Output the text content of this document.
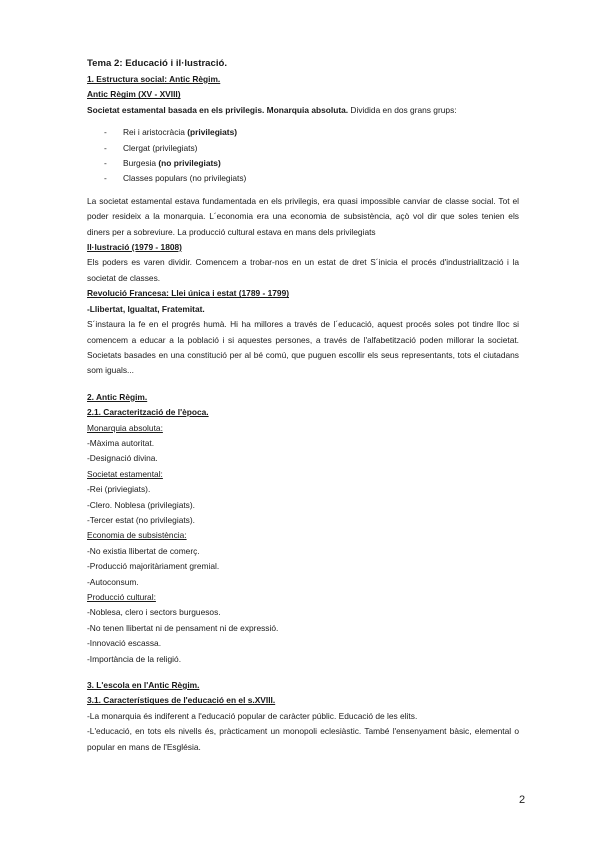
Tema 2: Educació i il·lustració.
1. Estructura social: Antic Règim.
Antic Règim (XV - XVIII)

Societat estamental basada en els privilegis. Monarquia absoluta. Dividida en dos grans grups:

- Rei i aristocràcia (privilegiats)
- Clergat (privilegiats)
- Burgesia (no privilegiats)
- Classes populars (no privilegiats)

La societat estamental estava fundamentada en els privilegis, era quasi impossible canviar de classe social. Tot el poder resideix a la monarquia. L´economia era una economia de subsistència, açò vol dir que soles tenien els diners per a sobreviure. La producció cultural estava en mans dels privilegiats

Il·lustració (1979 - 1808)

Els poders es varen dividir. Comencem a trobar-nos en un estat de dret S´inicia el procés d'industrialització i la societat de classes.

Revolució Francesa: Llei única i estat (1789 - 1799)
-Llibertat, Igualtat, Fratemitat.

S´instaura la fe en el progrés humà. Hi ha millores a través de l´educació, aquest procés soles pot tindre lloc si comencem a educar a la població i si aquestes persones, a través de l'alfabetització poden millorar la societat. Societats basades en una constitució per al bé comú, que puguen escollir els seus representants, tots el ciutadans som iguals...

2. Antic Règim.
2.1. Caracterització de l'època.
Monarquia absoluta:
-Màxima autoritat.
-Designació divina.
Societat estamental:
-Rei (priviegiats).
-Clero. Noblesa (privilegiats).
-Tercer estat (no privilegiats).
Economia de subsistència:
-No existia llibertat de comerç.
-Producció majoritàriament gremial.
-Autoconsum.
Producció cultural:
-Noblesa, clero i sectors burguesos.
-No tenen llibertat ni de pensament ni de expressió.
-Innovació escassa.
-Importància de la religió.
3. L'escola en l'Antic Règim.
3.1. Característiques de l'educació en el s.XVIII.

-La monarquia és indiferent a l'educació popular de caràcter públic. Educació de les elits.

-L'educació, en tots els nivells és, pràcticament un monopoli eclesiàstic. També l'ensenyament bàsic, elemental o popular en mans de l'Església.

2
